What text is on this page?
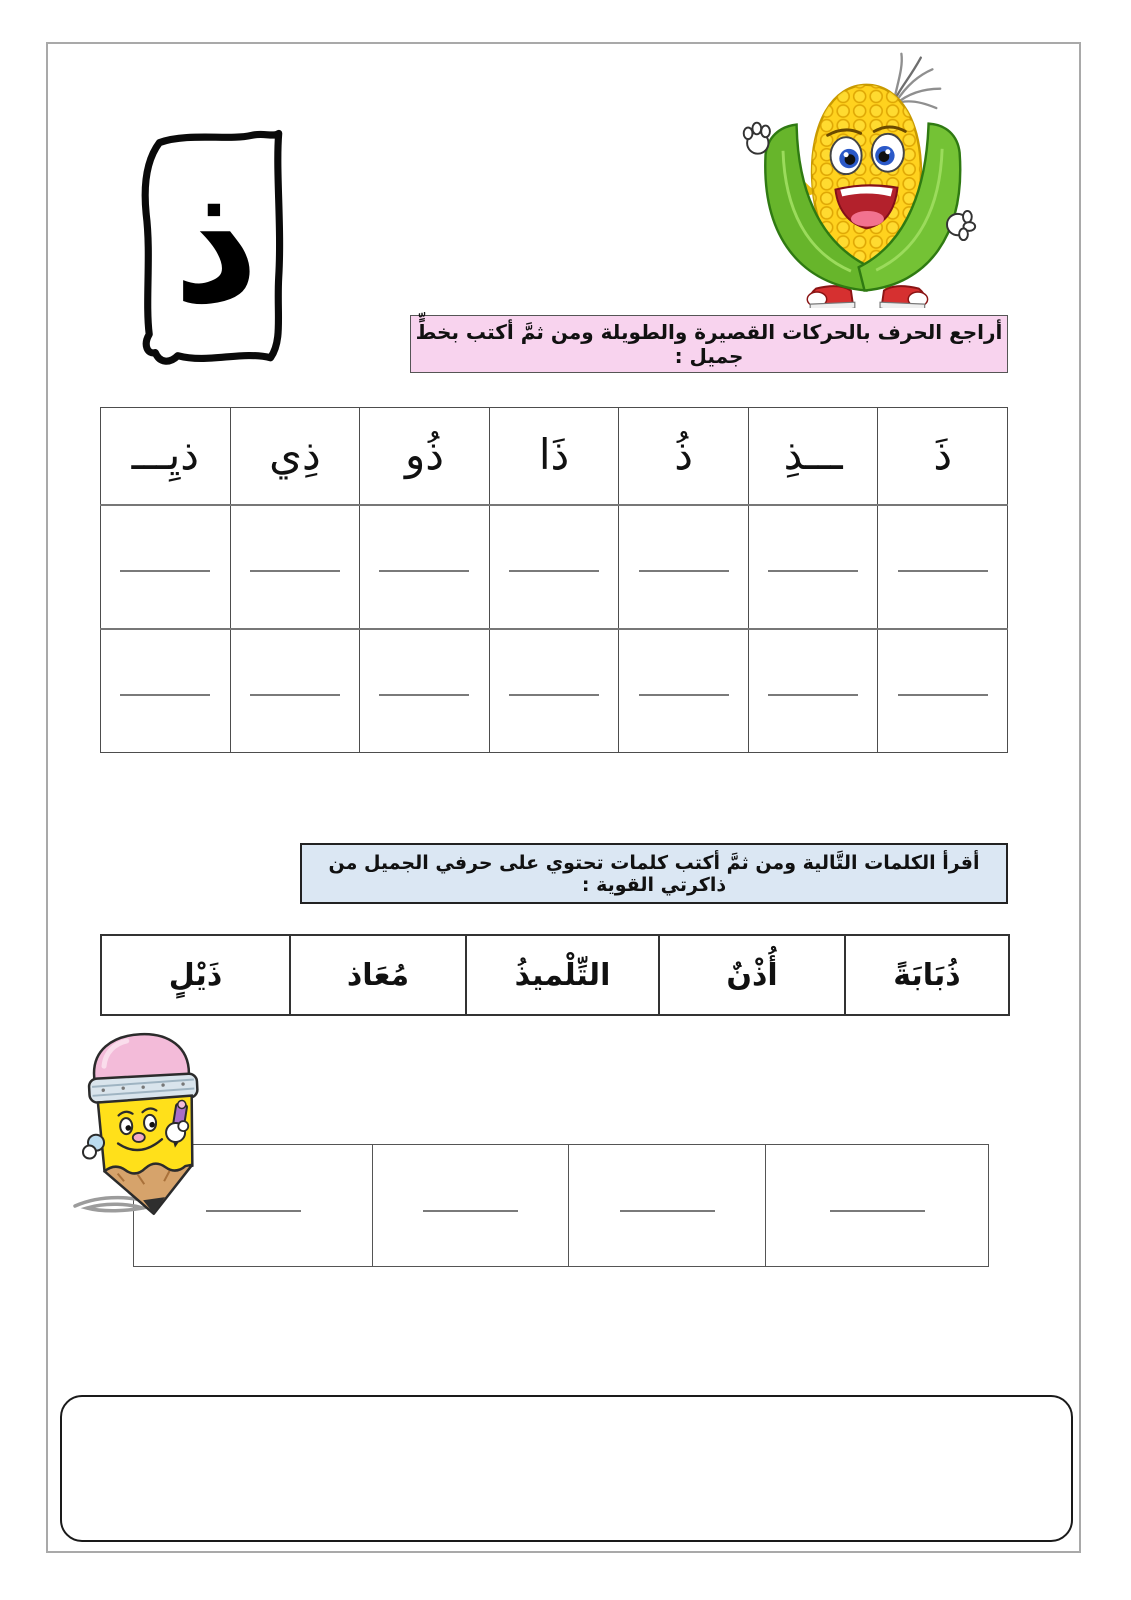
ذ	أراجع الحرف بالحركات القصيرة والطويلة ومن ثمَّ أكتب بخطٍّ جميل :
ذَ	ـــذِ	ذُ	ذَا	ذُو	ذِي	ذيِـــ

أقرأ الكلمات التَّالية ومن ثمَّ أكتب كلمات تحتوي على حرفي الجميل من ذاكرتي القوية :
ذُبَابَةً	أُذْنٌ	التِّلْميذُ	مُعَاذ	ذَيْلٍ
